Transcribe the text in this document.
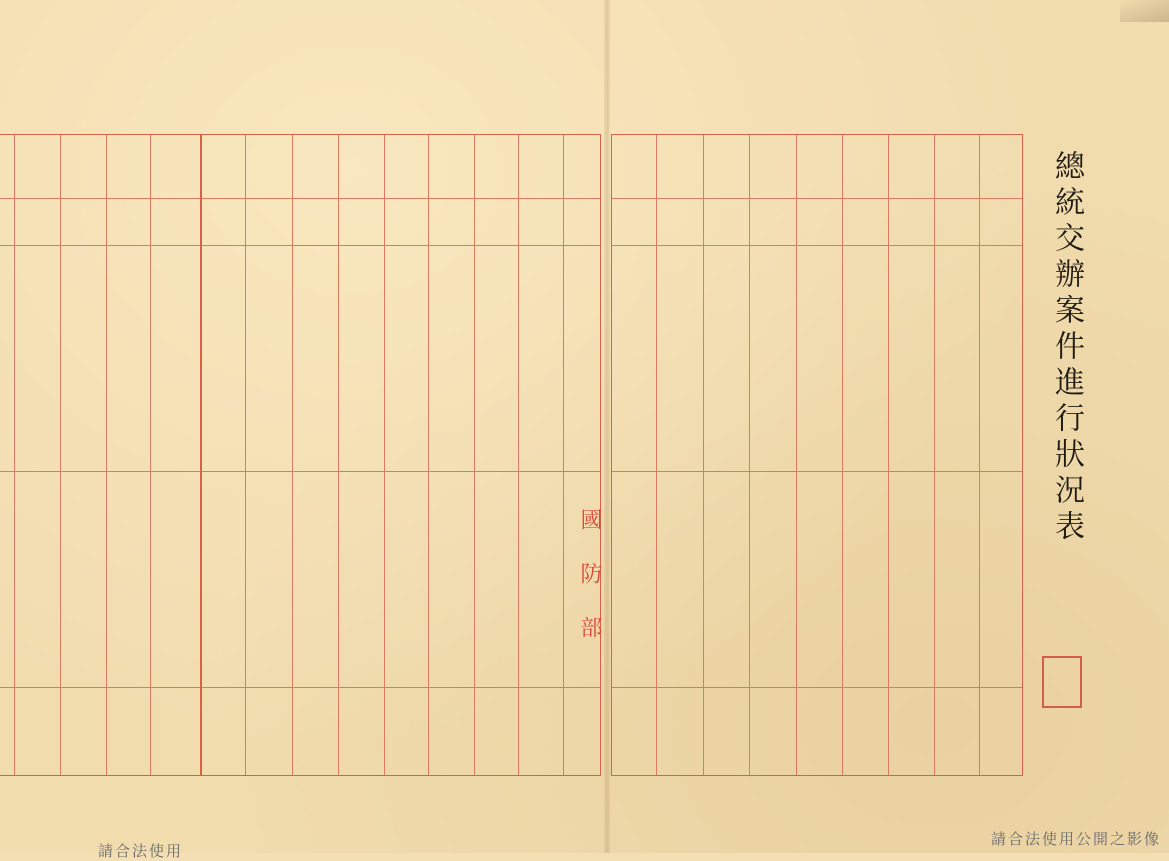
總統交辦案件進行狀況表
國防部
請合法使用公開之影像
請合法使用
